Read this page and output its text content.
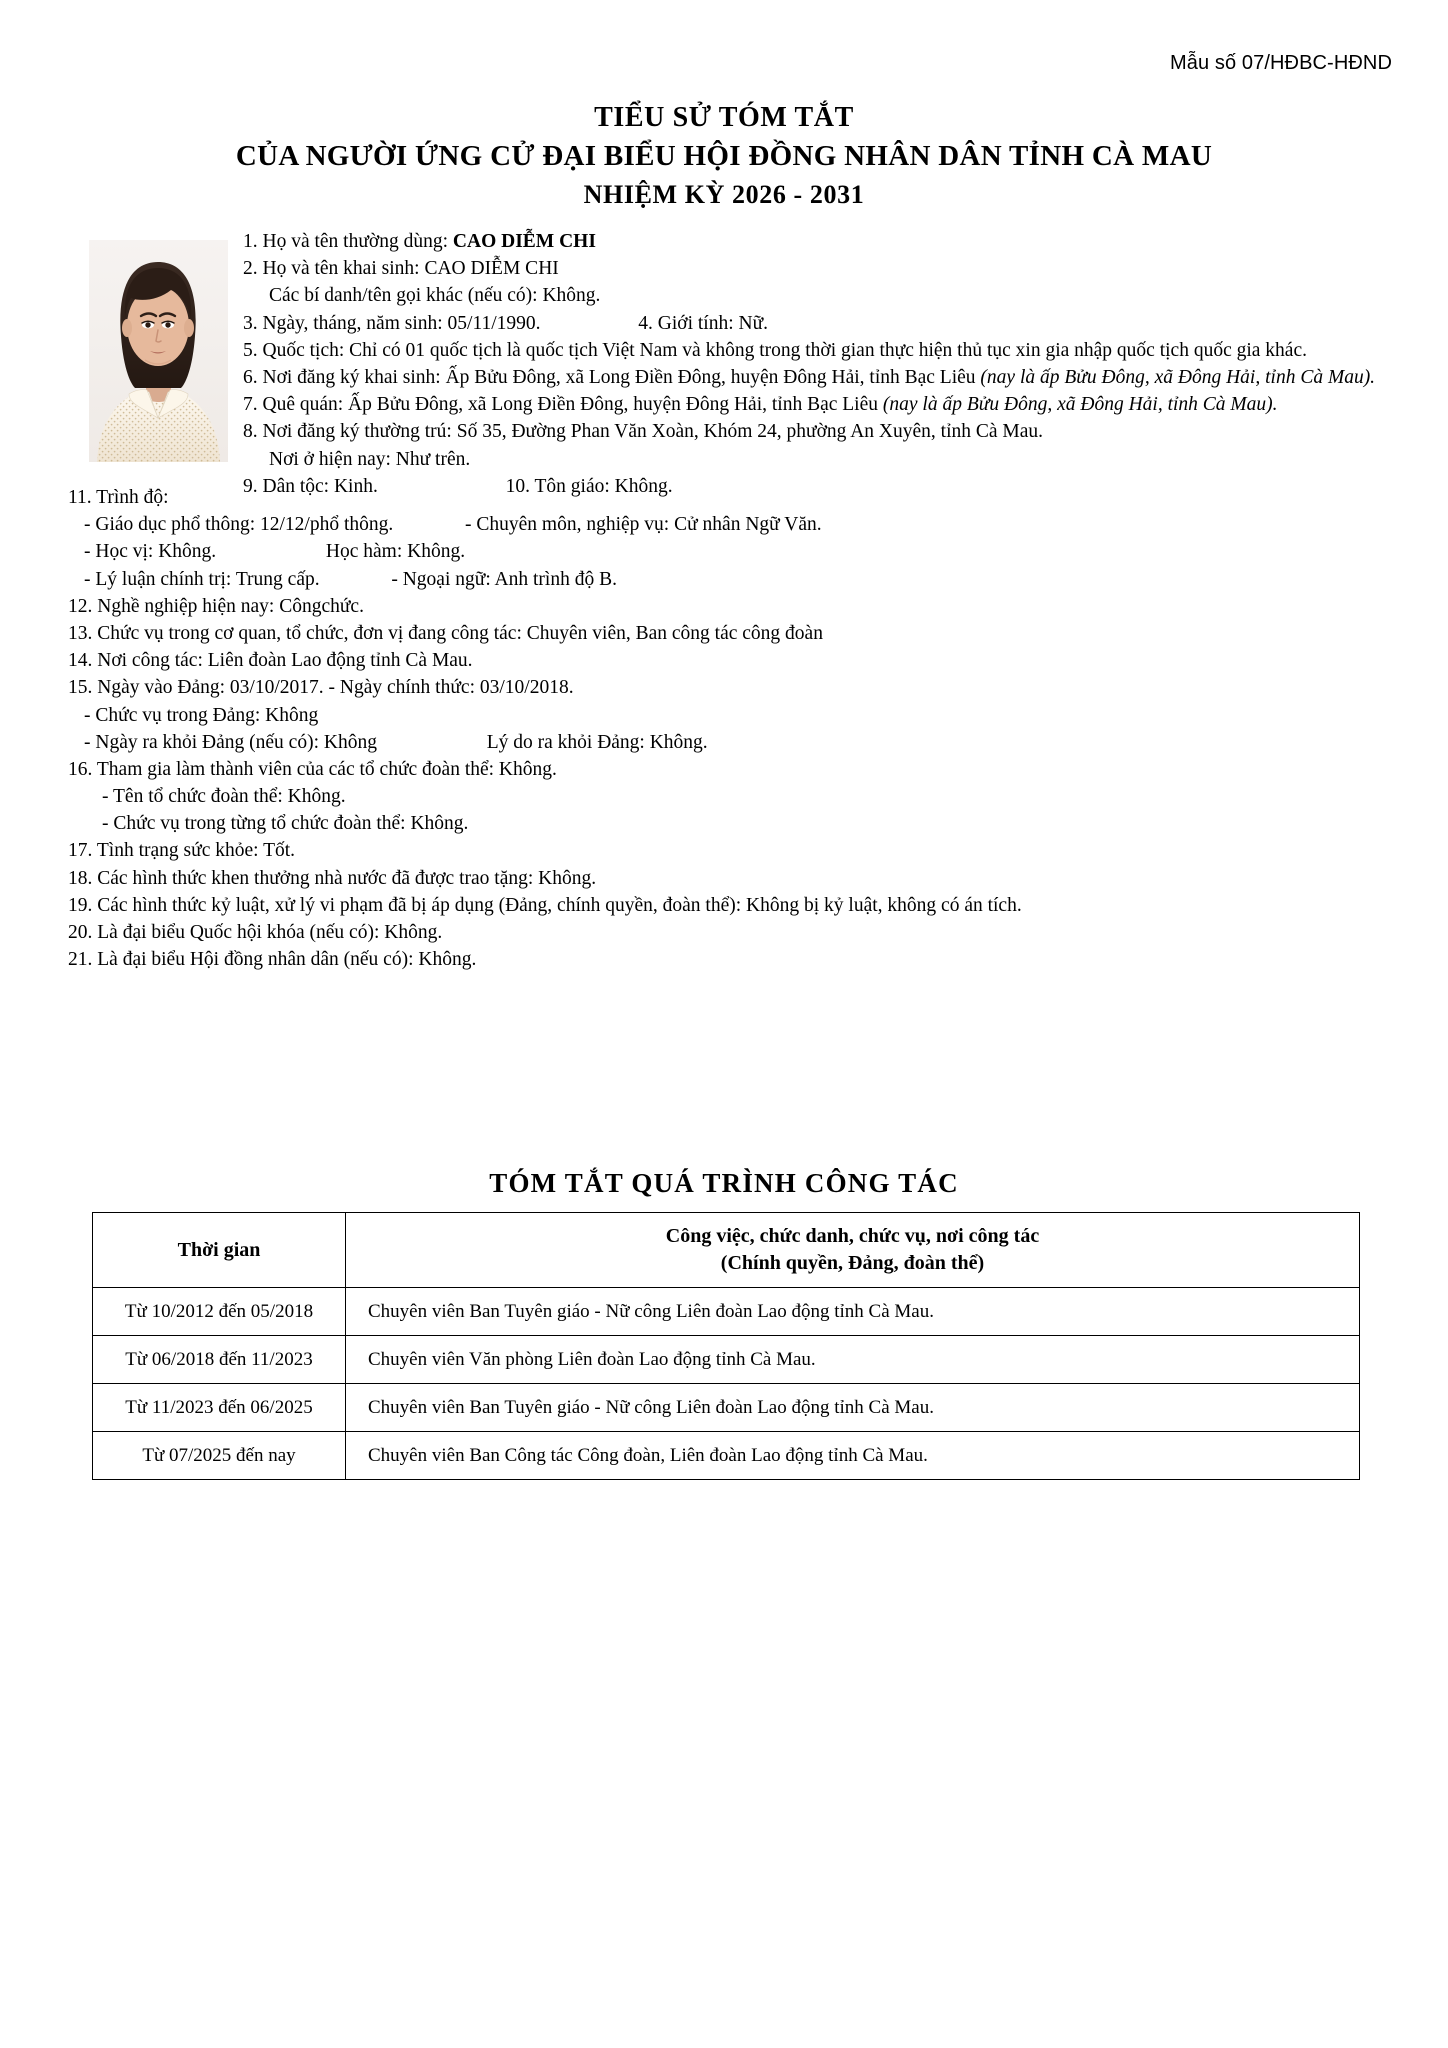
Mẫu số 07/HĐBC-HĐND
TIỂU SỬ TÓM TẮT
CỦA NGƯỜI ỨNG CỬ ĐẠI BIỂU HỘI ĐỒNG NHÂN DÂN TỈNH CÀ MAU
NHIỆM KỲ 2026 - 2031
1. Họ và tên thường dùng: CAO DIỄM CHI
2. Họ và tên khai sinh: CAO DIỄM CHI
Các bí danh/tên gọi khác (nếu có): Không.
3. Ngày, tháng, năm sinh: 05/11/1990.	4. Giới tính: Nữ.
5. Quốc tịch: Chỉ có 01 quốc tịch là quốc tịch Việt Nam và không trong thời gian thực hiện thủ tục xin gia nhập quốc tịch quốc gia khác.
6. Nơi đăng ký khai sinh: Ấp Bửu Đông, xã Long Điền Đông, huyện Đông Hải, tỉnh Bạc Liêu (nay là ấp Bửu Đông, xã Đông Hải, tỉnh Cà Mau).
7. Quê quán: Ấp Bửu Đông, xã Long Điền Đông, huyện Đông Hải, tỉnh Bạc Liêu (nay là ấp Bửu Đông, xã Đông Hải, tỉnh Cà Mau).
8. Nơi đăng ký thường trú: Số 35, Đường Phan Văn Xoàn, Khóm 24, phường An Xuyên, tỉnh Cà Mau.
Nơi ở hiện nay: Như trên.
9. Dân tộc: Kinh.	10. Tôn giáo: Không.
11. Trình độ:
- Giáo dục phổ thông: 12/12/phổ thông.	- Chuyên môn, nghiệp vụ: Cử nhân Ngữ Văn.
- Học vị: Không.	Học hàm: Không.
- Lý luận chính trị: Trung cấp.	- Ngoại ngữ: Anh trình độ B.
12. Nghề nghiệp hiện nay: Côngchức.
13. Chức vụ trong cơ quan, tổ chức, đơn vị đang công tác: Chuyên viên, Ban công tác công đoàn
14. Nơi công tác: Liên đoàn Lao động tỉnh Cà Mau.
15. Ngày vào Đảng: 03/10/2017. - Ngày chính thức: 03/10/2018.
- Chức vụ trong Đảng: Không
- Ngày ra khỏi Đảng (nếu có): Không	Lý do ra khỏi Đảng: Không.
16. Tham gia làm thành viên của các tổ chức đoàn thể: Không.
- Tên tổ chức đoàn thể: Không.
- Chức vụ trong từng tổ chức đoàn thể: Không.
17. Tình trạng sức khỏe: Tốt.
18. Các hình thức khen thưởng nhà nước đã được trao tặng: Không.
19. Các hình thức kỷ luật, xử lý vi phạm đã bị áp dụng (Đảng, chính quyền, đoàn thể): Không bị kỷ luật, không có án tích.
20. Là đại biểu Quốc hội khóa (nếu có): Không.
21. Là đại biểu Hội đồng nhân dân (nếu có): Không.
TÓM TẮT QUÁ TRÌNH CÔNG TÁC
Thời gian	Công việc, chức danh, chức vụ, nơi công tác
(Chính quyền, Đảng, đoàn thể)

Từ 10/2012 đến 05/2018	Chuyên viên Ban Tuyên giáo - Nữ công Liên đoàn Lao động tỉnh Cà Mau.
Từ 06/2018 đến 11/2023	Chuyên viên Văn phòng Liên đoàn Lao động tỉnh Cà Mau.
Từ 11/2023 đến 06/2025	Chuyên viên Ban Tuyên giáo - Nữ công Liên đoàn Lao động tỉnh Cà Mau.
Từ 07/2025 đến nay	Chuyên viên Ban Công tác Công đoàn, Liên đoàn Lao động tỉnh Cà Mau.
